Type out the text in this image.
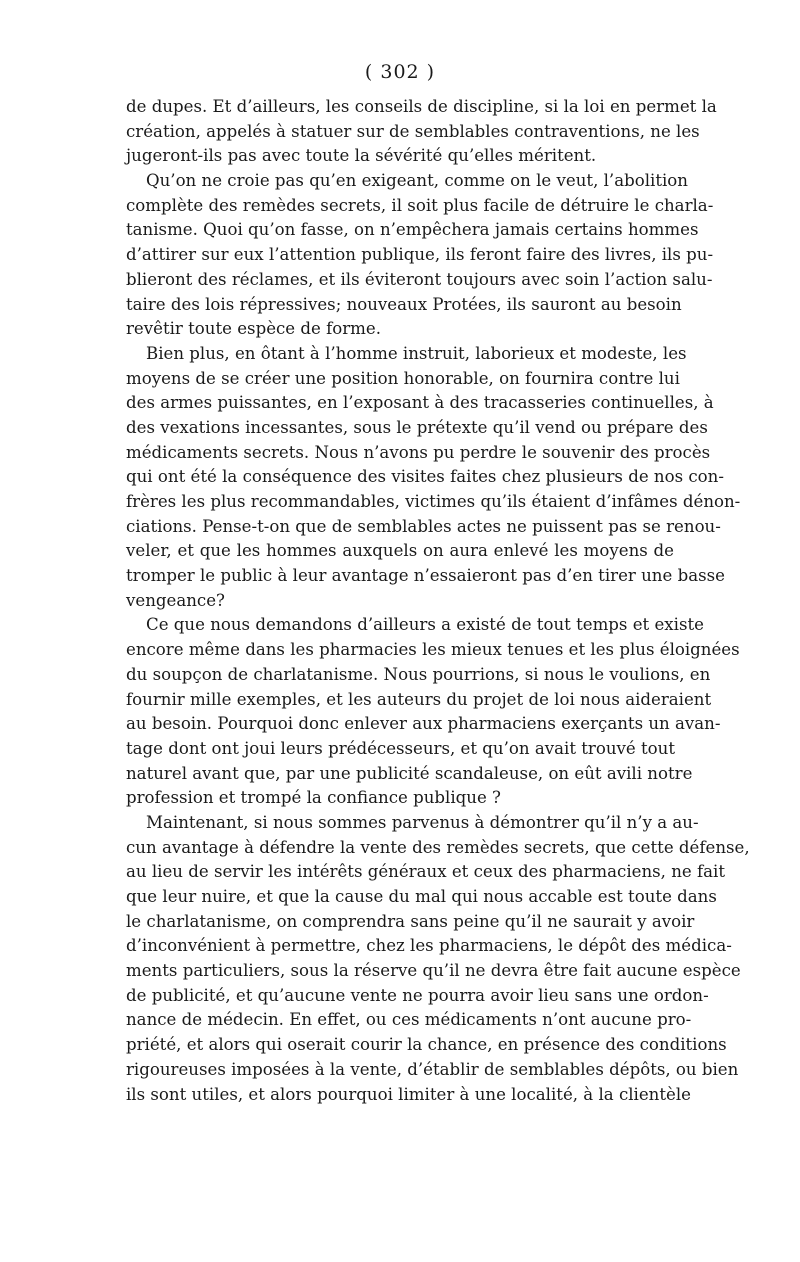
( 302 )
de dupes. Et d’ailleurs, les conseils de discipline, si la loi en permet la
création, appelés à statuer sur de semblables contraventions, ne les
jugeront-ils pas avec toute la sévérité qu’elles méritent.
Qu’on ne croie pas qu’en exigeant, comme on le veut, l’abolition
complète des remèdes secrets, il soit plus facile de détruire le charla-
tanisme. Quoi qu’on fasse, on n’empêchera jamais certains hommes
d’attirer sur eux l’attention publique, ils feront faire des livres, ils pu-
blieront des réclames, et ils éviteront toujours avec soin l’action salu-
taire des lois répressives; nouveaux Protées, ils sauront au besoin
revêtir toute espèce de forme.
Bien plus, en ôtant à l’homme instruit, laborieux et modeste, les
moyens de se créer une position honorable, on fournira contre lui
des armes puissantes, en l’exposant à des tracasseries continuelles, à
des vexations incessantes, sous le prétexte qu’il vend ou prépare des
médicaments secrets. Nous n’avons pu perdre le souvenir des procès
qui ont été la conséquence des visites faites chez plusieurs de nos con-
frères les plus recommandables, victimes qu’ils étaient d’infâmes dénon-
ciations. Pense-t-on que de semblables actes ne puissent pas se renou-
veler, et que les hommes auxquels on aura enlevé les moyens de
tromper le public à leur avantage n’essaieront pas d’en tirer une basse
vengeance?
Ce que nous demandons d’ailleurs a existé de tout temps et existe
encore même dans les pharmacies les mieux tenues et les plus éloignées
du soupçon de charlatanisme. Nous pourrions, si nous le voulions, en
fournir mille exemples, et les auteurs du projet de loi nous aideraient
au besoin. Pourquoi donc enlever aux pharmaciens exerçants un avan-
tage dont ont joui leurs prédécesseurs, et qu’on avait trouvé tout
naturel avant que, par une publicité scandaleuse, on eût avili notre
profession et trompé la confiance publique ?
Maintenant, si nous sommes parvenus à démontrer qu’il n’y a au-
cun avantage à défendre la vente des remèdes secrets, que cette défense,
au lieu de servir les intérêts généraux et ceux des pharmaciens, ne fait
que leur nuire, et que la cause du mal qui nous accable est toute dans
le charlatanisme, on comprendra sans peine qu’il ne saurait y avoir
d’inconvénient à permettre, chez les pharmaciens, le dépôt des médica-
ments particuliers, sous la réserve qu’il ne devra être fait aucune espèce
de publicité, et qu’aucune vente ne pourra avoir lieu sans une ordon-
nance de médecin. En effet, ou ces médicaments n’ont aucune pro-
priété, et alors qui oserait courir la chance, en présence des conditions
rigoureuses imposées à la vente, d’établir de semblables dépôts, ou bien
ils sont utiles, et alors pourquoi limiter à une localité, à la clientèle
